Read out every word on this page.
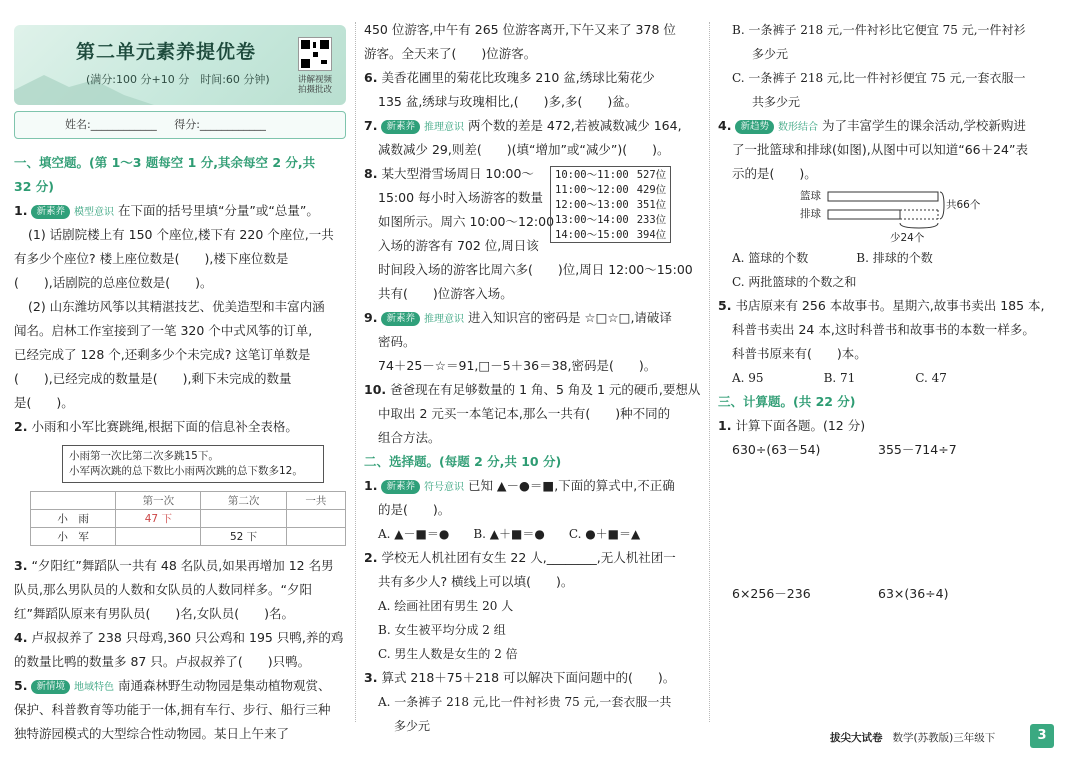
第二单元素养提优卷
(满分:100 分+10 分　时间:60 分钟)	讲解视频
拍摄批改
姓名:____________ 得分:____________
一、填空题。(第 1～3 题每空 1 分,其余每空 2 分,共
32 分)
1. 新素养 模型意识 在下面的括号里填“分量”或“总量”。
(1) 话剧院楼上有 150 个座位,楼下有 220 个座位,一共
有多少个座位? 楼上座位数是(　　),楼下座位数是
(　　),话剧院的总座位数是(　　)。
(2) 山东潍坊风筝以其精湛技艺、优美造型和丰富内涵
闻名。启林工作室接到了一笔 320 个中式风筝的订单,
已经完成了 128 个,还剩多少个未完成? 这笔订单数是
(　　),已经完成的数量是(　　),剩下未完成的数量
是(　　)。
2. 小雨和小军比赛跳绳,根据下面的信息补全表格。
小雨第一次比第二次多跳15下。
小军两次跳的总下数比小雨两次跳的总下数多12。
	第一次	第二次	一共
小　雨	47 下		
小　军		52 下	
3. “夕阳红”舞蹈队一共有 48 名队员,如果再增加 12 名男
队员,那么男队员的人数和女队员的人数同样多。“夕阳
红”舞蹈队原来有男队员(　　)名,女队员(　　)名。
4. 卢叔叔养了 238 只母鸡,360 只公鸡和 195 只鸭,养的鸡
的数量比鸭的数量多 87 只。卢叔叔养了(　　)只鸭。
5. 新情境 地域特色 南通森林野生动物园是集动植物观赏、
保护、科普教育等功能于一体,拥有车行、步行、船行三种
独特游园模式的大型综合性动物园。某日上午来了
450 位游客,中午有 265 位游客离开,下午又来了 378 位
游客。全天来了(　　)位游客。
6. 美香花圃里的菊花比玫瑰多 210 盆,绣球比菊花少
135 盆,绣球与玫瑰相比,(　　)多,多(　　)盆。
7. 新素养 推理意识 两个数的差是 472,若被减数减少 164,
减数减少 29,则差(　　)(填“增加”或“减少”)(　　)。
8. 某大型滑雪场周日 10:00～
15:00 每小时入场游客的数量
如图所示。周六 10:00～12:00
入场的游客有 702 位,周日该
时间段入场的游客比周六多(　　)位,周日 12:00～15:00
共有(　　)位游客入场。
9. 新素养 推理意识 进入知识宫的密码是 ☆□☆□,请破译
密码。
74＋25－☆＝91,□－5＋36＝38,密码是(　　)。
10. 爸爸现在有足够数量的 1 角、5 角及 1 元的硬币,要想从
中取出 2 元买一本笔记本,那么一共有(　　)种不同的
组合方法。
二、选择题。(每题 2 分,共 10 分)
1. 新素养 符号意识 已知 ▲－●＝■,下面的算式中,不正确
的是(　　)。
A. ▲－■＝●　　B. ▲＋■＝●　　C. ●＋■＝▲
2. 学校无人机社团有女生 22 人,________,无人机社团一
共有多少人? 横线上可以填(　　)。
A. 绘画社团有男生 20 人
B. 女生被平均分成 2 组
C. 男生人数是女生的 2 倍
3. 算式 218＋75＋218 可以解决下面问题中的(　　)。
A. 一条裤子 218 元,比一件衬衫贵 75 元,一套衣服一共
多少元
10:00～11:00	527位
11:00～12:00	429位
12:00～13:00	351位
13:00～14:00	233位
14:00～15:00	394位
B. 一条裤子 218 元,一件衬衫比它便宜 75 元,一件衬衫
多少元
C. 一条裤子 218 元,比一件衬衫便宜 75 元,一套衣服一
共多少元
4. 新趋势 数形结合 为了丰富学生的课余活动,学校新购进
了一批篮球和排球(如图),从图中可以知道“66＋24”表
示的是(　　)。
篮球
排球
共66个
少24个
A. 篮球的个数　　　　B. 排球的个数
C. 两批篮球的个数之和
5. 书店原来有 256 本故事书。星期六,故事书卖出 185 本,
科普书卖出 24 本,这时科普书和故事书的本数一样多。
科普书原来有(　　)本。
A. 95　　　　　B. 71　　　　　C. 47
三、计算题。(共 22 分)
1. 计算下面各题。(12 分)
630÷(63－54)	355－714÷7
6×256－236	63×(36÷4)
拔尖大试卷 数学(苏教版)三年级下	3
